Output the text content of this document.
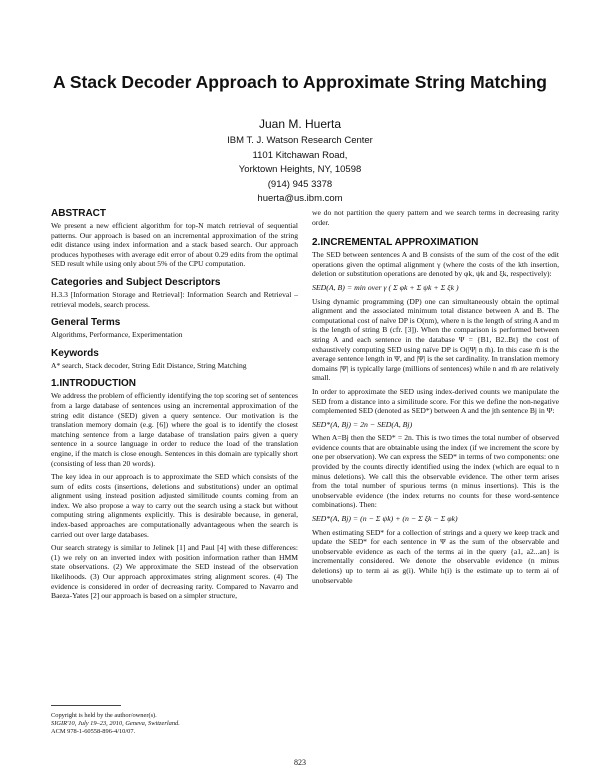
A Stack Decoder Approach to Approximate String Matching
Juan M. Huerta
IBM T. J. Watson Research Center
1101 Kitchawan Road,
Yorktown Heights, NY, 10598
(914) 945 3378
huerta@us.ibm.com
ABSTRACT

We present a new efficient algorithm for top-N match retrieval of sequential patterns. Our approach is based on an incremental approximation of the string edit distance using index information and a stack based search. Our approach produces hypotheses with average edit error of about 0.29 edits from the optimal SED result while using only about 5% of the CPU computation.

Categories and Subject Descriptors

H.3.3 [Information Storage and Retrieval]: Information Search and Retrieval – retrieval models, search process.

General Terms

Algorithms, Performance, Experimentation

Keywords

A* search, Stack decoder, String Edit Distance, String Matching

1.INTRODUCTION

We address the problem of efficiently identifying the top scoring set of sentences from a large database of sentences using an incremental approximation of the string edit distance (SED) given a query sentence. Our motivation is the translation memory domain (e.g. [6]) where the goal is to identify the closest matching sentence from a large database of translation pairs given a query sentence in a source language in order to reduce the load of the translation engine, if the match is close enough. Sentences in this domain are typically short (consisting of less than 20 words).

The key idea in our approach is to approximate the SED which consists of the sum of edits costs (insertions, deletions and substitutions) under an optimal alignment using instead position adjusted similitude counts coming from an index. We also propose a way to carry out the search using a stack but without computing string alignments explicitly. This is desirable because, in general, index-based approaches are computationally advantageous when the search is carried out over large databases.

Our search strategy is similar to Jelinek [1] and Paul [4] with these differences: (1) we rely on an inverted index with position information rather than HMM state observations. (2) We approximate the SED instead of the observation likelihoods. (3) Our approach approximates string alignment scores. (4) The evidence is considered in order of decreasing rarity. Compared to Navarro and Baeza-Yates [2] our approach is based on a simpler structure,

Copyright is held by the author/owner(s).
SIGIR'10, July 19–23, 2010, Geneva, Switzerland.
ACM 978-1-60558-896-4/10/07.

we do not partition the query pattern and we search terms in decreasing rarity order.

2.INCREMENTAL APPROXIMATION

The SED between sentences A and B consists of the sum of the cost of the edit operations given the optimal alignment γ (where the costs of the kth insertion, deletion or substitution operations are denoted by φk, ψk and ξk, respectively):

SED(A, B) = min over γ ( Σ φk + Σ ψk + Σ ξk )

Using dynamic programming (DP) one can simultaneously obtain the optimal alignment and the associated minimum total distance between A and B. The computational cost of naïve DP is O(nm), where n is the length of string A and m is the length of string B (cfr. [3]). When the comparison is performed between string A and each sentence in the database Ψ = {B1, B2..Bt} the cost of exhaustively computing SED using naïve DP is O(|Ψ| n m̄). In this case m̄ is the average sentence length in Ψ, and |Ψ| is the set cardinality. In translation memory domains |Ψ| is typically large (millions of sentences) while n and m̄ are relatively small.

In order to approximate the SED using index-derived counts we manipulate the SED from a distance into a similitude score. For this we define the non-negative complemented SED (denoted as SED*) between A and the jth sentence Bj in Ψ:

SED*(A, Bj) = 2n − SED(A, Bj)

When A=Bj then the SED* = 2n. This is two times the total number of observed evidence counts that are obtainable using the index (if we increment the score by one per observation). We can express the SED* in terms of two components: one provided by the counts directly identified using the index (which are equal to n minus deletions). We call this the observable evidence. The other term arises from the total number of spurious terms (n minus insertions). This is the unobservable evidence (the index returns no counts for these word-sentence combinations). Then:

SED*(A, Bj) = (n − Σ ψk) + (n − Σ ξk − Σ φk)

When estimating SED* for a collection of strings and a query we keep track and update the SED* for each sentence in Ψ as the sum of the observable and unobservable evidence as each of the terms ai in the query {a1, a2...an} is incrementally considered. We denote the observable evidence (n minus deletions) up to term ai as g(i). While h(i) is the estimate up to term ai of unobservable

823
